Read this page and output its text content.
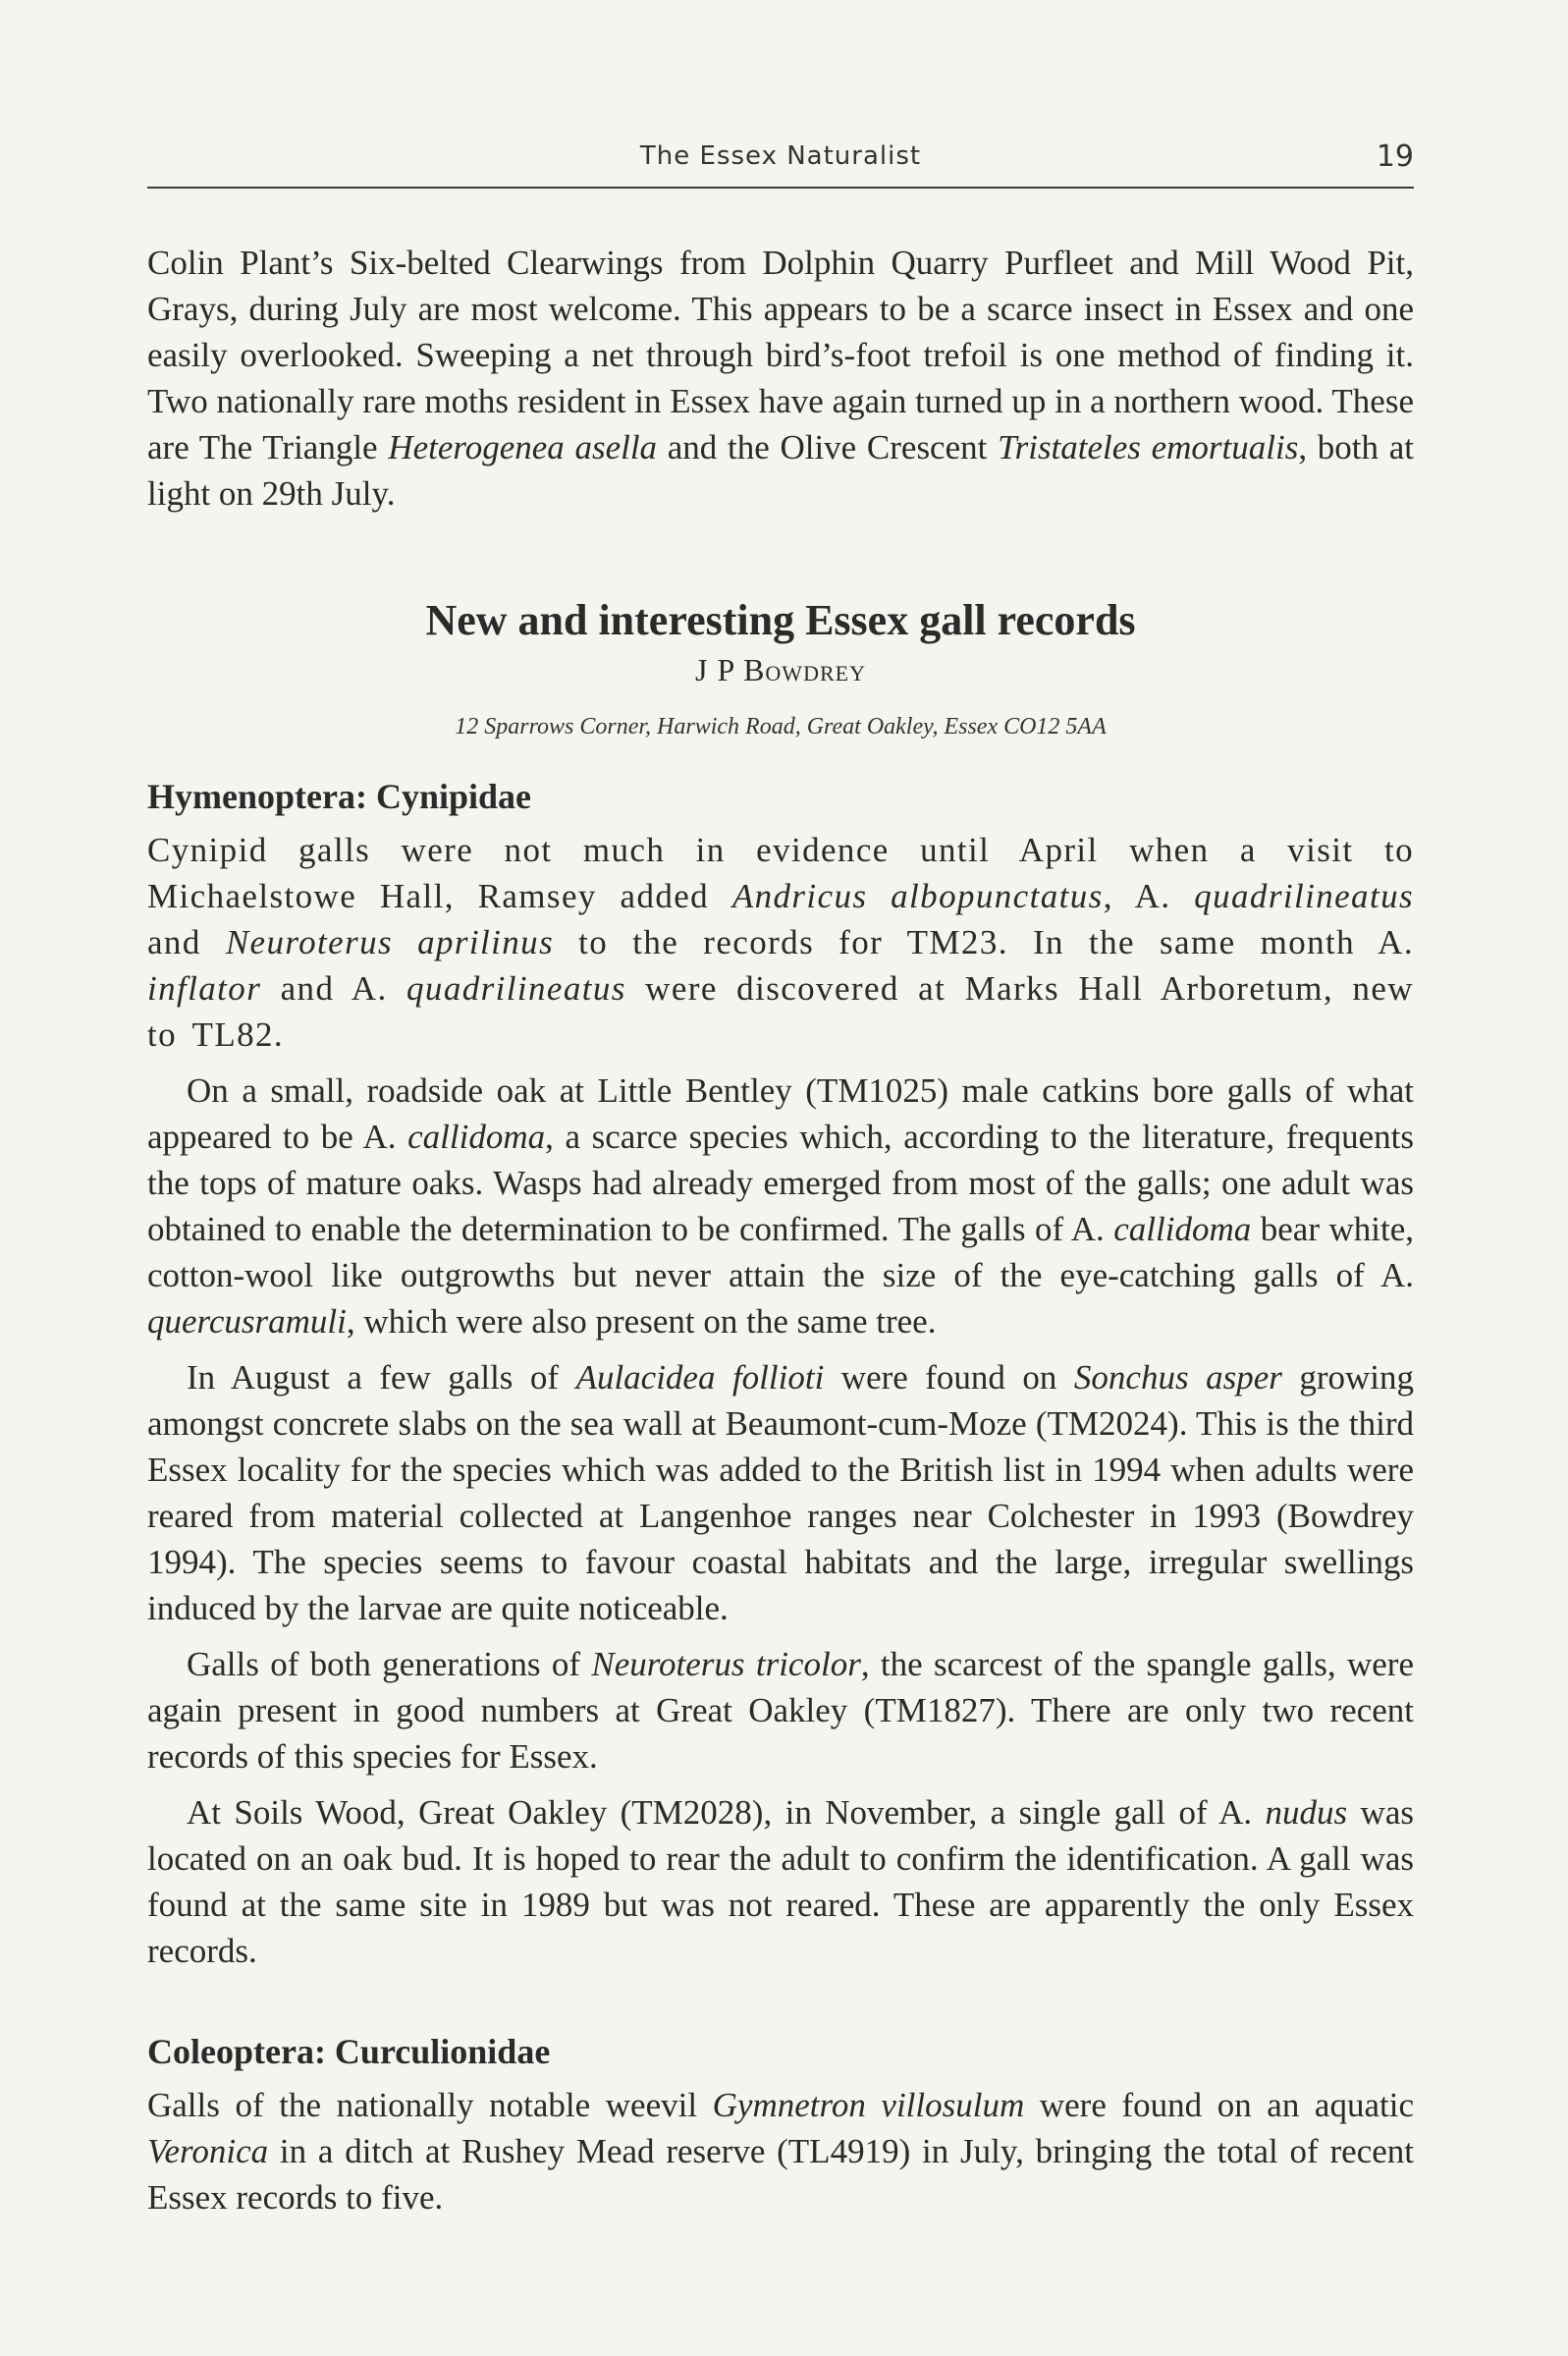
The Essex Naturalist	19

Colin Plant’s Six-belted Clearwings from Dolphin Quarry Purfleet and Mill Wood Pit, Grays, during July are most welcome. This appears to be a scarce insect in Essex and one easily overlooked. Sweeping a net through bird’s-foot trefoil is one method of finding it. Two nationally rare moths resident in Essex have again turned up in a northern wood. These are The Triangle Heterogenea asella and the Olive Crescent Tristateles emortualis, both at light on 29th July.

New and interesting Essex gall records
J P Bowdrey
12 Sparrows Corner, Harwich Road, Great Oakley, Essex CO12 5AA
Hymenoptera: Cynipidae

Cynipid galls were not much in evidence until April when a visit to Michaelstowe Hall, Ramsey added Andricus albopunctatus, A. quadrilineatus and Neuroterus aprilinus to the records for TM23. In the same month A. inflator and A. quadrilineatus were discovered at Marks Hall Arboretum, new to TL82.

On a small, roadside oak at Little Bentley (TM1025) male catkins bore galls of what appeared to be A. callidoma, a scarce species which, according to the literature, frequents the tops of mature oaks. Wasps had already emerged from most of the galls; one adult was obtained to enable the determination to be confirmed. The galls of A. callidoma bear white, cotton-wool like outgrowths but never attain the size of the eye-catching galls of A. quercusramuli, which were also present on the same tree.

In August a few galls of Aulacidea follioti were found on Sonchus asper growing amongst concrete slabs on the sea wall at Beaumont-cum-Moze (TM2024). This is the third Essex locality for the species which was added to the British list in 1994 when adults were reared from material collected at Langenhoe ranges near Colchester in 1993 (Bowdrey 1994). The species seems to favour coastal habitats and the large, irregular swellings induced by the larvae are quite noticeable.

Galls of both generations of Neuroterus tricolor, the scarcest of the spangle galls, were again present in good numbers at Great Oakley (TM1827). There are only two recent records of this species for Essex.

At Soils Wood, Great Oakley (TM2028), in November, a single gall of A. nudus was located on an oak bud. It is hoped to rear the adult to confirm the identification. A gall was found at the same site in 1989 but was not reared. These are apparently the only Essex records.

Coleoptera: Curculionidae

Galls of the nationally notable weevil Gymnetron villosulum were found on an aquatic Veronica in a ditch at Rushey Mead reserve (TL4919) in July, bringing the total of recent Essex records to five.
